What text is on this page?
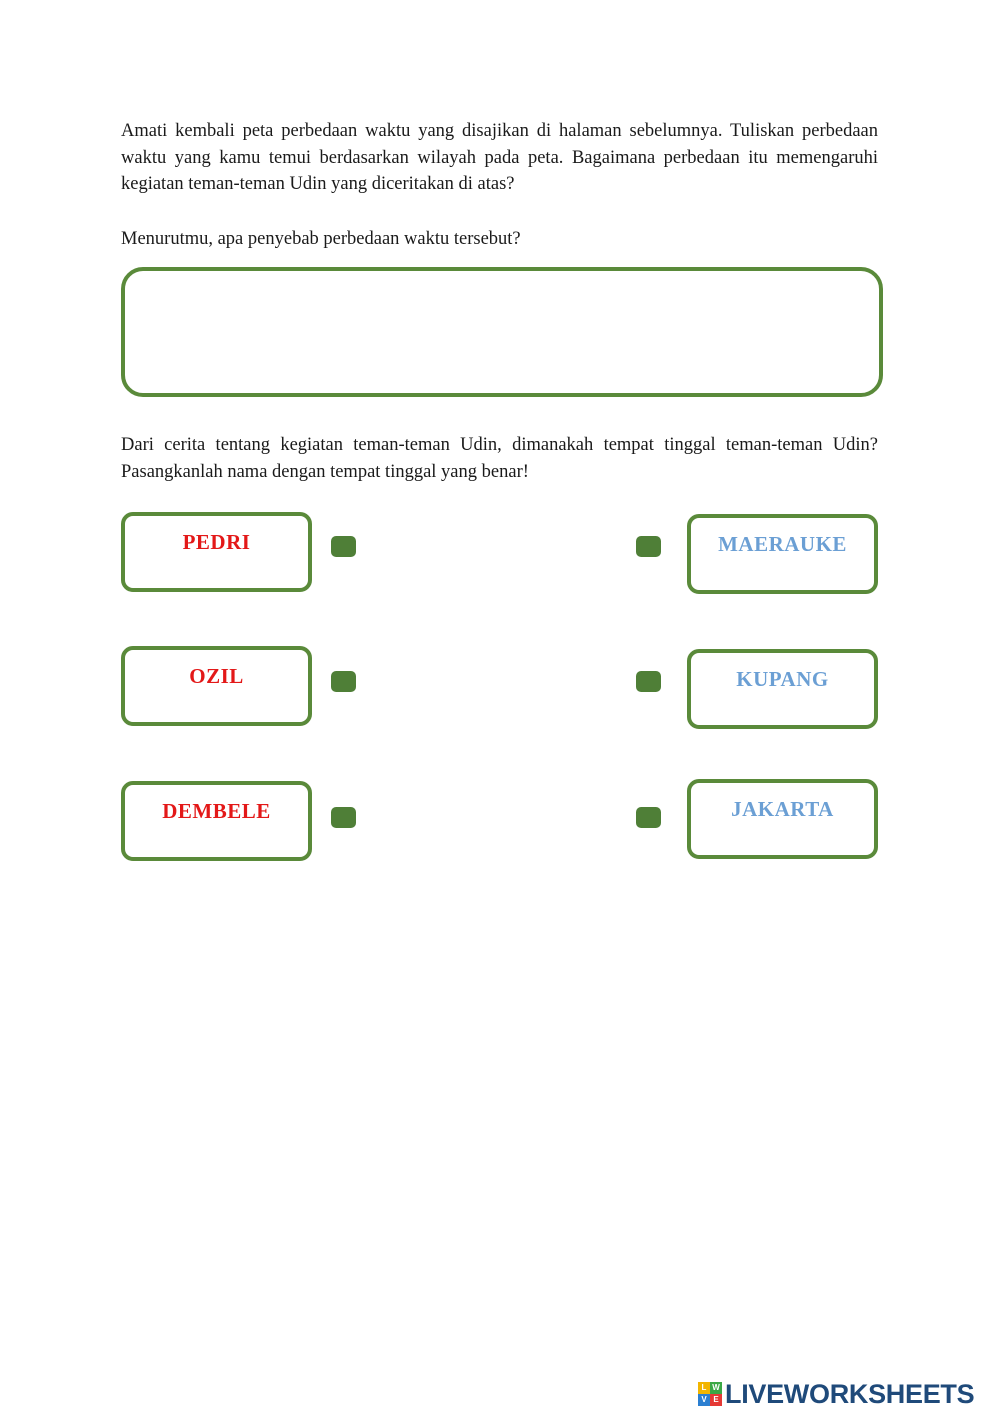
Amati kembali peta perbedaan waktu yang disajikan di halaman sebelumnya. Tuliskan perbedaan waktu yang kamu temui berdasarkan wilayah pada peta. Bagaimana perbedaan itu memengaruhi kegiatan teman-teman Udin yang diceritakan di atas?

Menurutmu, apa penyebab perbedaan waktu tersebut?

Dari cerita tentang kegiatan teman-teman Udin, dimanakah tempat tinggal teman-teman Udin? Pasangkanlah nama dengan tempat tinggal yang benar!

PEDRI	MAERAUKE
OZIL	KUPANG
DEMBELE	JAKARTA
L W
V E LIVEWORKSHEETS
